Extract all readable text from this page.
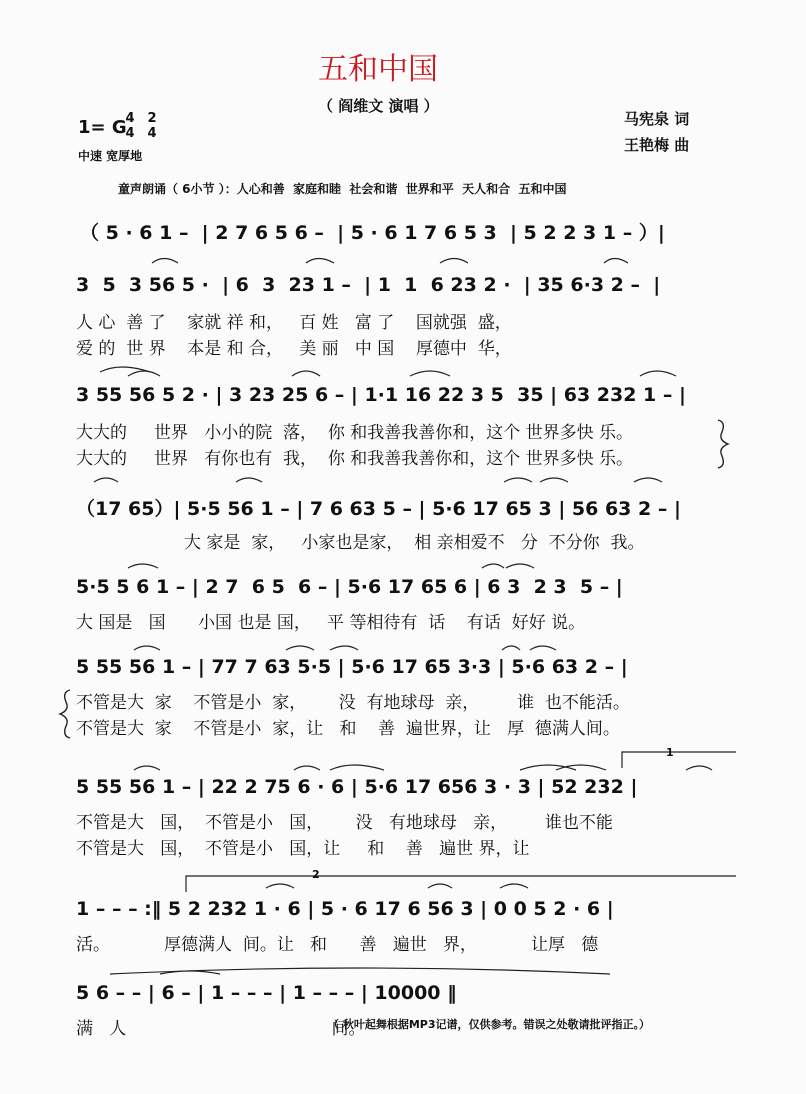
五和中国
（ 阎维文 演唱 ）
马宪泉 词
王艳梅 曲
1= G
4
4
2
4
中速 宽厚地
童声朗诵（ 6小节 ）：人心和善  家庭和睦  社会和谐  世界和平  天人和合  五和中国
（ 5 · 6 1 –  | 2 7 6 5 6 –  | 5 · 6 1 7 6 5 3  | 5 2 2 3 1 – ）|
3  5  3 56 5 ·  | 6  3  23 1 –  | 1  1  6 23 2 ·  | 35 6·3 2 –  |
人 心  善 了    家就 祥 和，   百 姓   富 了    国就强  盛，
爱 的  世 界    本是 和 合，   美 丽   中 国    厚德中  华，
3 55 56 5 2 · | 3 23 25 6 – | 1·1 16 22 3 5  35 | 63 232 1 – |
大大的     世界   小小的院  落，  你 和我善我善你和，这个 世界多快 乐。
大大的     世界   有你也有  我，  你 和我善我善你和，这个 世界多快 乐。
（17 65）| 5·5 56 1 – | 7 6 63 5 – | 5·6 17 65 3 | 56 63 2 – |
大 家是  家，   小家也是家，  相 亲相爱不   分  不分你  我。
5·5 5 6 1 – | 2 7  6 5  6 – | 5·6 17 65 6 | 6 3  2 3  5 – |
大 国是   国      小国 也是 国，   平 等相待有  话    有话  好好 说。
5 55 56 1 – | 77 7 63 5·5 | 5·6 17 65 3·3 | 5·6 63 2 – |
不管是大  家    不管是小  家，      没  有地球母  亲，       谁  也不能活。
不管是大  家    不管是小  家，让   和    善  遍世界，让   厚  德满人间。
5 55 56 1 – | 22 2 75 6 · 6 | 5·6 17 656 3 · 3 | 52 232 |
不管是大   国，  不管是小   国，      没   有地球母   亲，       谁也不能
不管是大   国，  不管是小   国，让     和    善   遍世 界，让
1 – – – :‖ 5 2 232 1 · 6 | 5 · 6 17 6 56 3 | 0 0 5 2 · 6 |
活。          厚德满人  间。让   和      善   遍世   界，          让厚   德
5 6 – – | 6 – | 1 – – – | 1 – – – | 10000 ‖
满   人                                      间。
（ 秋叶起舞根据MP3记谱，仅供参考。错误之处敬请批评指正。）
1
2
